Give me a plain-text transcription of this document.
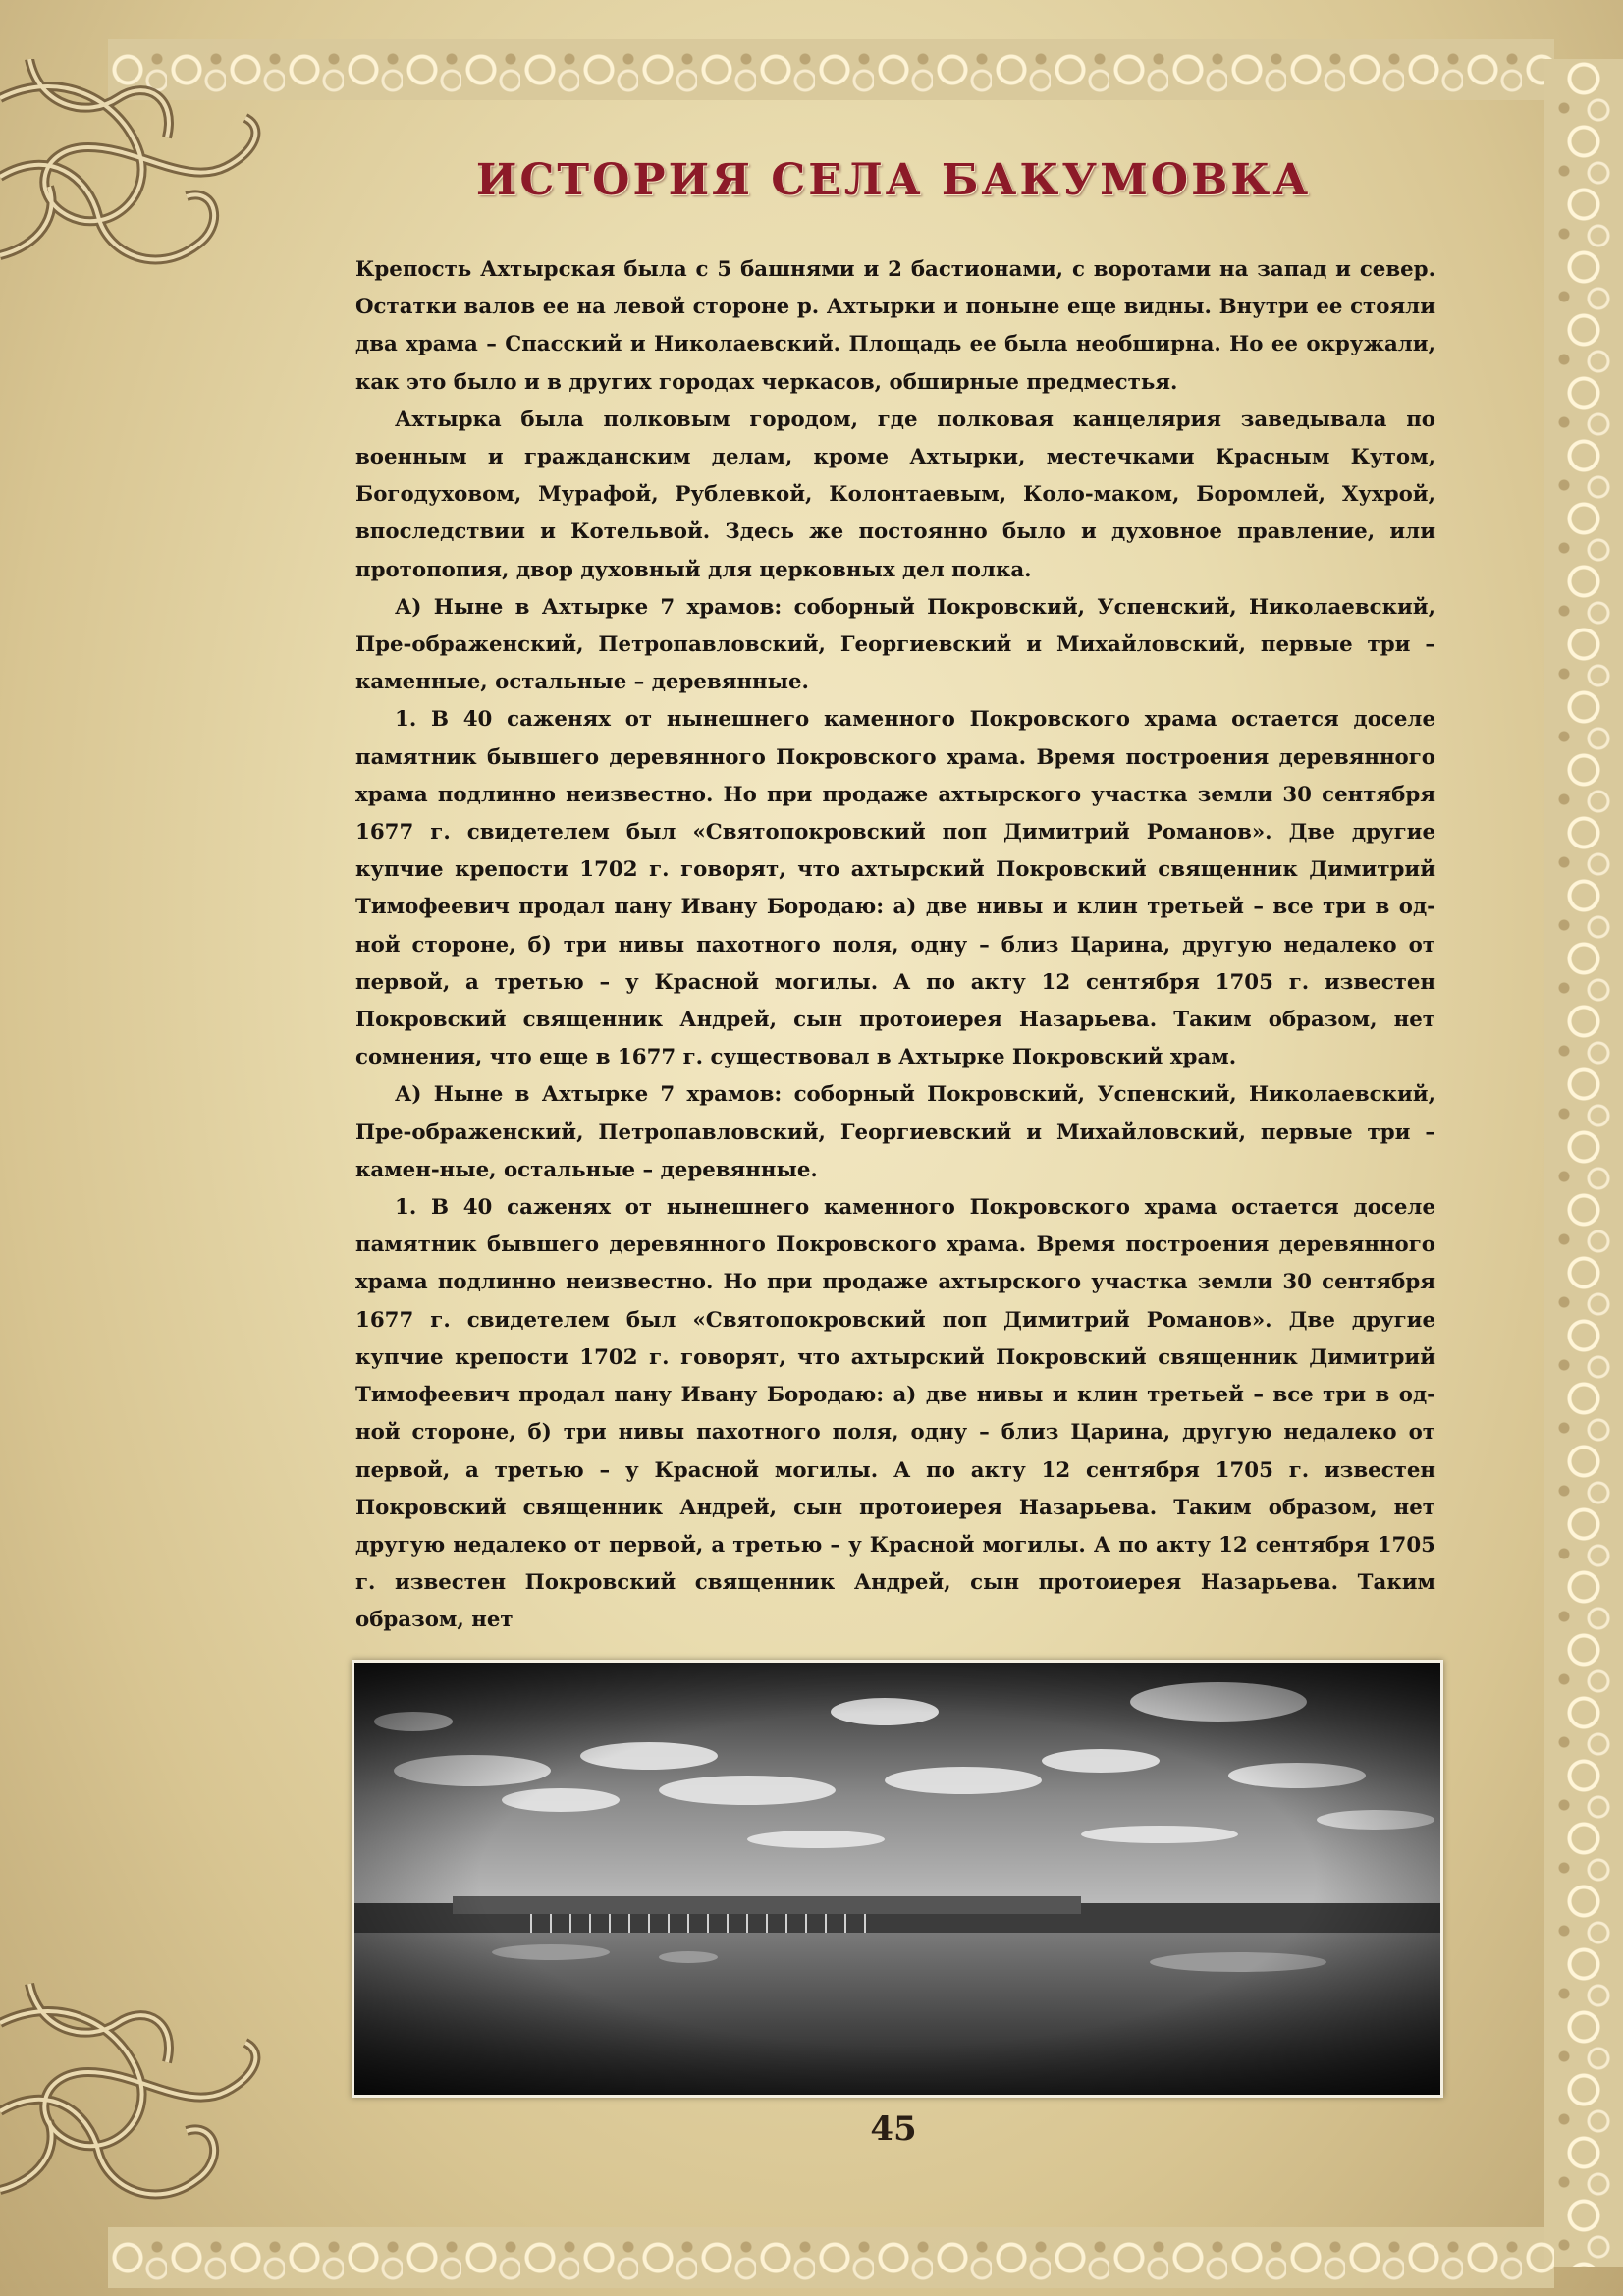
ИСТОРИЯ СЕЛА БАКУМОВКА

Крепость Ахтырская была с 5 башнями и 2 бастионами, с воротами на запад и север. Остатки валов ее на левой стороне р. Ахтырки и поныне еще видны. Внутри ее стояли два храма – Спасский и Николаевский. Площадь ее была необширна. Но ее окружали, как это было и в других городах черкасов, обширные предместья.

Ахтырка была полковым городом, где полковая канцелярия заведывала по военным и гражданским делам, кроме Ахтырки, местечками Красным Кутом, Богодуховом, Мурафой, Рублевкой, Колонтаевым, Коло-маком, Боромлей, Хухрой, впоследствии и Котельвой. Здесь же постоянно было и духовное правление, или протопопия, двор духовный для церковных дел полка.

А) Ныне в Ахтырке 7 храмов: соборный Покровский, Успенский, Николаевский, Пре-ображенский, Петропавловский, Георгиевский и Михайловский, первые три – каменные, остальные – деревянные.

1. В 40 саженях от нынешнего каменного Покровского храма остается доселе памятник бывшего деревянного Покровского храма. Время построения деревянного храма подлинно неизвестно. Но при продаже ахтырского участка земли 30 сентября 1677 г. свидетелем был «Святопокровский поп Димитрий Романов». Две другие купчие крепости 1702 г. говорят, что ахтырский Покровский священник Димитрий Тимофеевич продал пану Ивану Бородаю: а) две нивы и клин третьей – все три в од-ной стороне, б) три нивы пахотного поля, одну – близ Царина, другую недалеко от первой, а третью – у Красной могилы. А по акту 12 сентября 1705 г. известен Покровский священник Андрей, сын протоиерея Назарьева. Таким образом, нет сомнения, что еще в 1677 г. существовал в Ахтырке Покровский храм.

А) Ныне в Ахтырке 7 храмов: соборный Покровский, Успенский, Николаевский, Пре-ображенский, Петропавловский, Георгиевский и Михайловский, первые три – камен-ные, остальные – деревянные.

1. В 40 саженях от нынешнего каменного Покровского храма остается доселе памятник бывшего деревянного Покровского храма. Время построения деревянного храма подлинно неизвестно. Но при продаже ахтырского участка земли 30 сентября 1677 г. свидетелем был «Святопокровский поп Димитрий Романов». Две другие купчие крепости 1702 г. говорят, что ахтырский Покровский священник Димитрий Тимофеевич продал пану Ивану Бородаю: а) две нивы и клин третьей – все три в од-ной стороне, б) три нивы пахотного поля, одну – близ Царина, другую недалеко от первой, а третью – у Красной могилы. А по акту 12 сентября 1705 г. известен Покровский священник Андрей, сын протоиерея Назарьева. Таким образом, нет другую недалеко от первой, а третью – у Красной могилы. А по акту 12 сентября 1705 г. известен Покровский священник Андрей, сын протоиерея Назарьева. Таким образом, нет

45
